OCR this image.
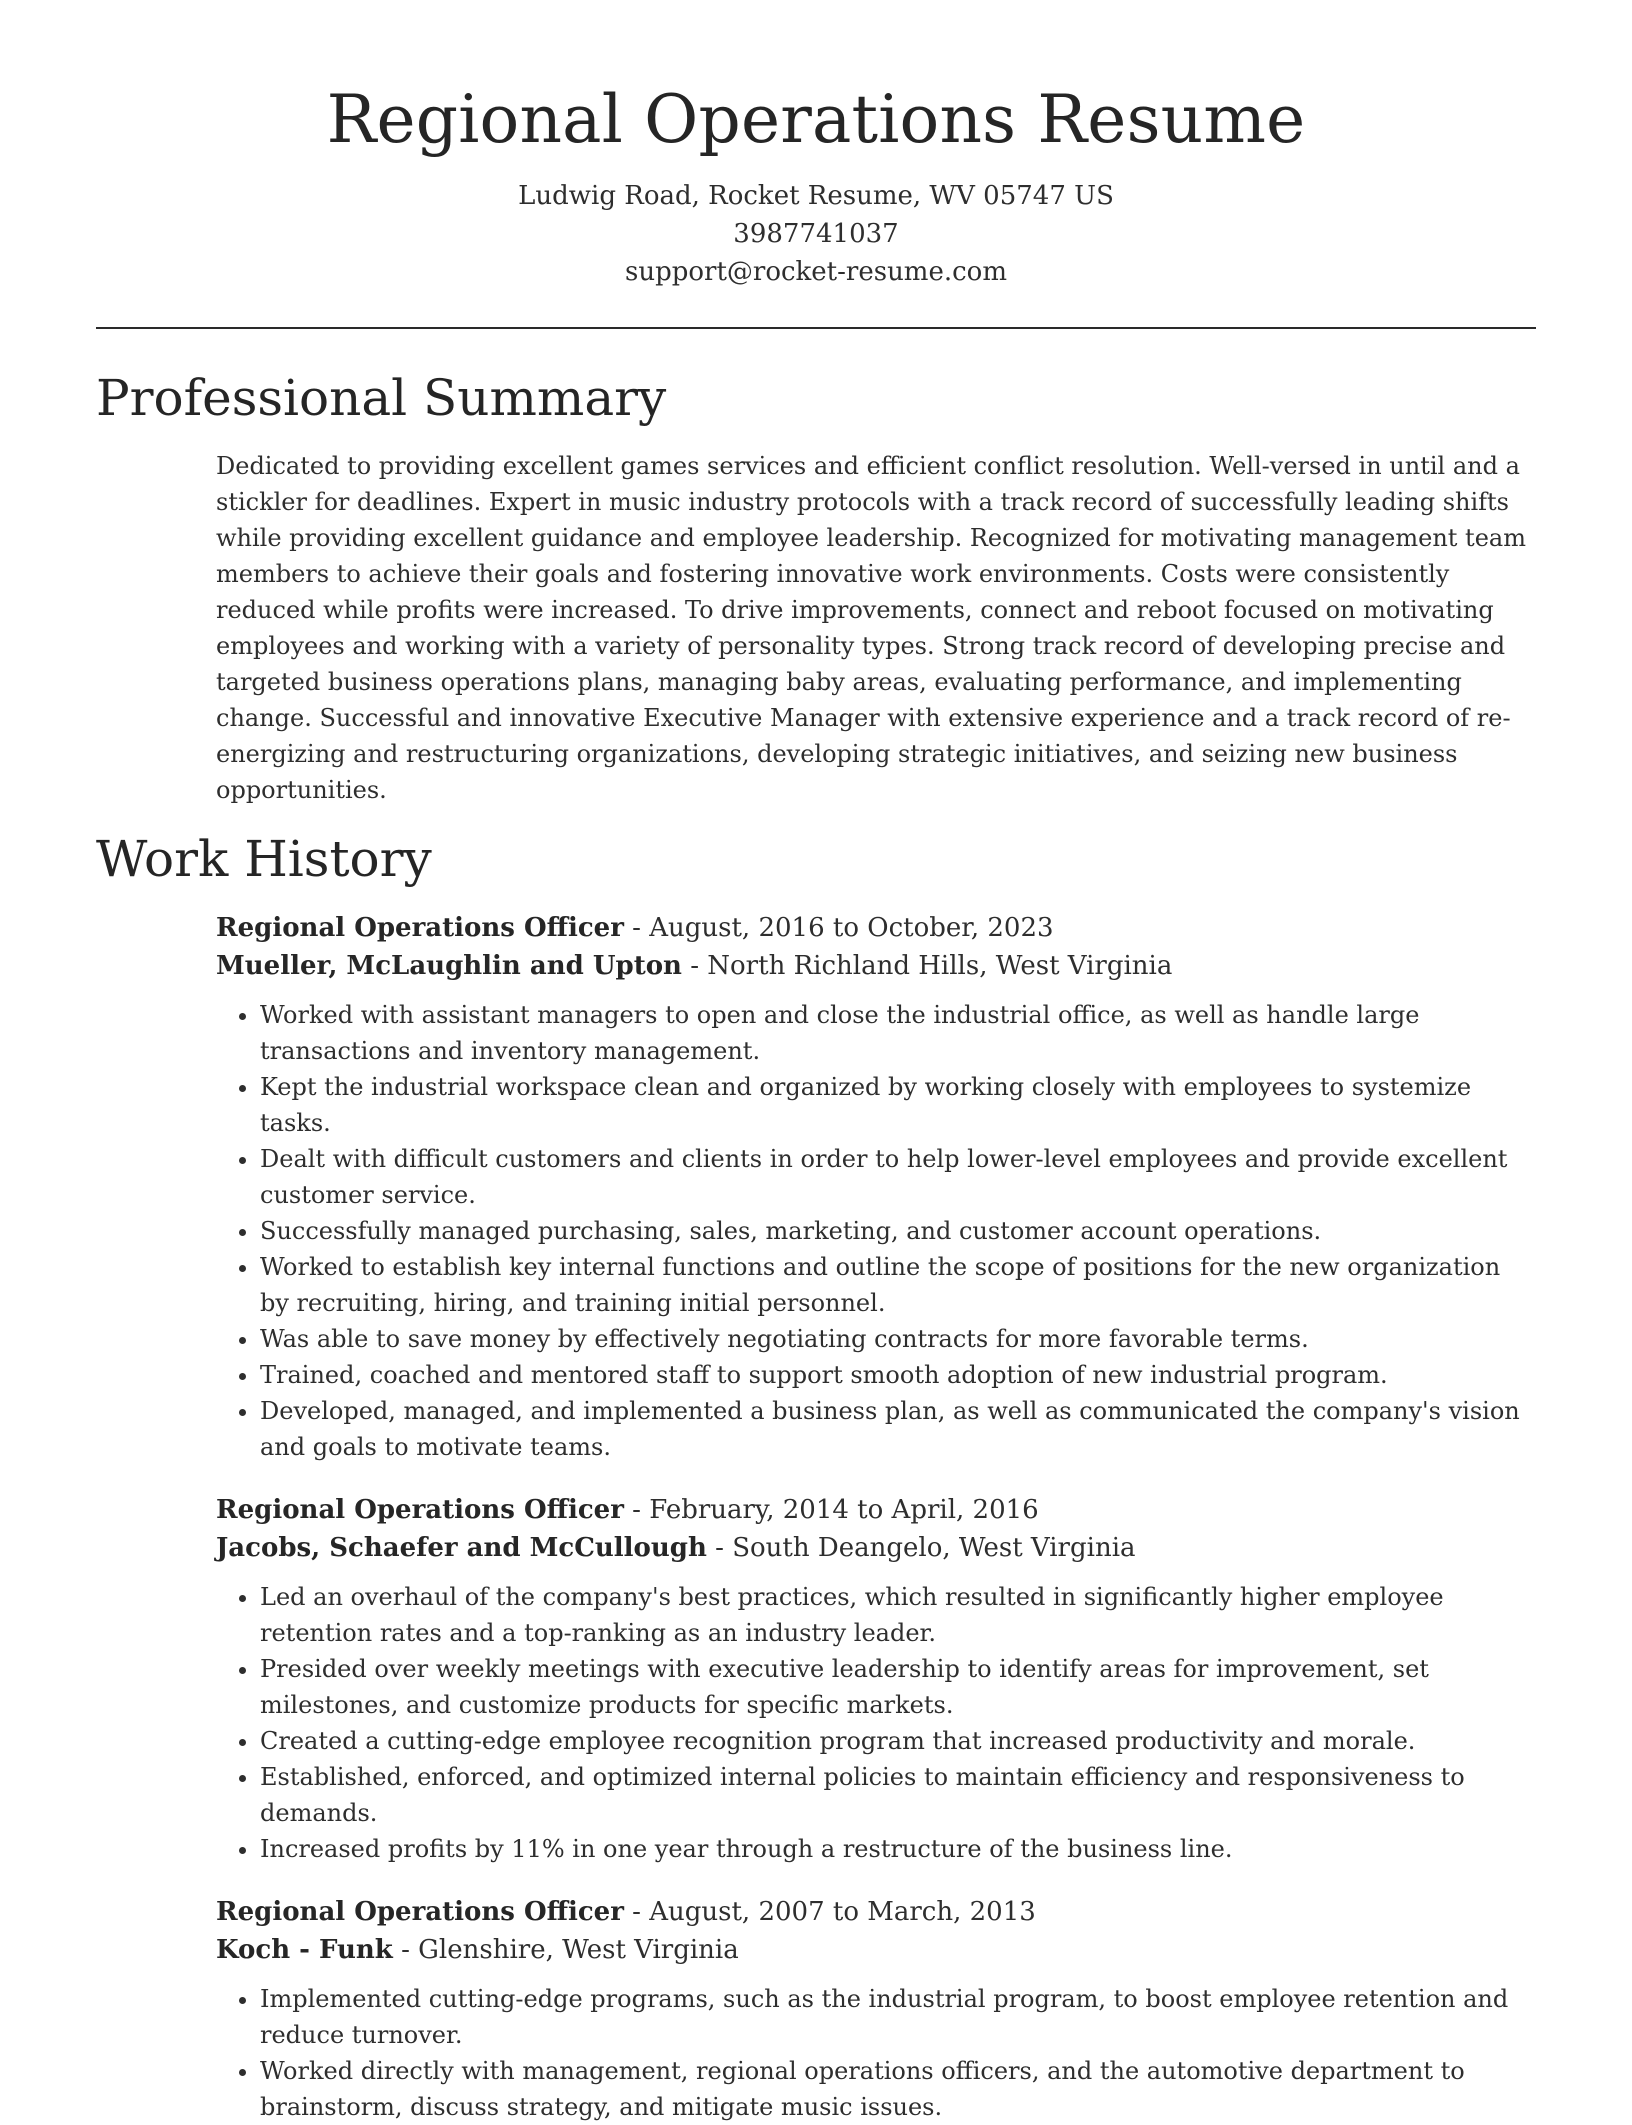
Regional Operations Resume
Ludwig Road, Rocket Resume, WV 05747 US
3987741037
support@rocket-resume.com
Professional Summary

Dedicated to providing excellent games services and efficient conflict resolution. Well-versed in until and a stickler for deadlines. Expert in music industry protocols with a track record of successfully leading shifts while providing excellent guidance and employee leadership. Recognized for motivating management team members to achieve their goals and fostering innovative work environments. Costs were consistently reduced while profits were increased. To drive improvements, connect and reboot focused on motivating employees and working with a variety of personality types. Strong track record of developing precise and targeted business operations plans, managing baby areas, evaluating performance, and implementing change. Successful and innovative Executive Manager with extensive experience and a track record of re-energizing and restructuring organizations, developing strategic initiatives, and seizing new business opportunities.

Work History
Regional Operations Officer - August, 2016 to October, 2023
Mueller, McLaughlin and Upton - North Richland Hills, West Virginia
• Worked with assistant managers to open and close the industrial office, as well as handle large transactions and inventory management.
• Kept the industrial workspace clean and organized by working closely with employees to systemize tasks.
• Dealt with difficult customers and clients in order to help lower-level employees and provide excellent customer service.
• Successfully managed purchasing, sales, marketing, and customer account operations.
• Worked to establish key internal functions and outline the scope of positions for the new organization by recruiting, hiring, and training initial personnel.
• Was able to save money by effectively negotiating contracts for more favorable terms.
• Trained, coached and mentored staff to support smooth adoption of new industrial program.
• Developed, managed, and implemented a business plan, as well as communicated the company's vision and goals to motivate teams.
Regional Operations Officer - February, 2014 to April, 2016
Jacobs, Schaefer and McCullough - South Deangelo, West Virginia
• Led an overhaul of the company's best practices, which resulted in significantly higher employee retention rates and a top-ranking as an industry leader.
• Presided over weekly meetings with executive leadership to identify areas for improvement, set milestones, and customize products for specific markets.
• Created a cutting-edge employee recognition program that increased productivity and morale.
• Established, enforced, and optimized internal policies to maintain efficiency and responsiveness to demands.
• Increased profits by 11% in one year through a restructure of the business line.
Regional Operations Officer - August, 2007 to March, 2013
Koch - Funk - Glenshire, West Virginia
• Implemented cutting-edge programs, such as the industrial program, to boost employee retention and reduce turnover.
• Worked directly with management, regional operations officers, and the automotive department to brainstorm, discuss strategy, and mitigate music issues.
